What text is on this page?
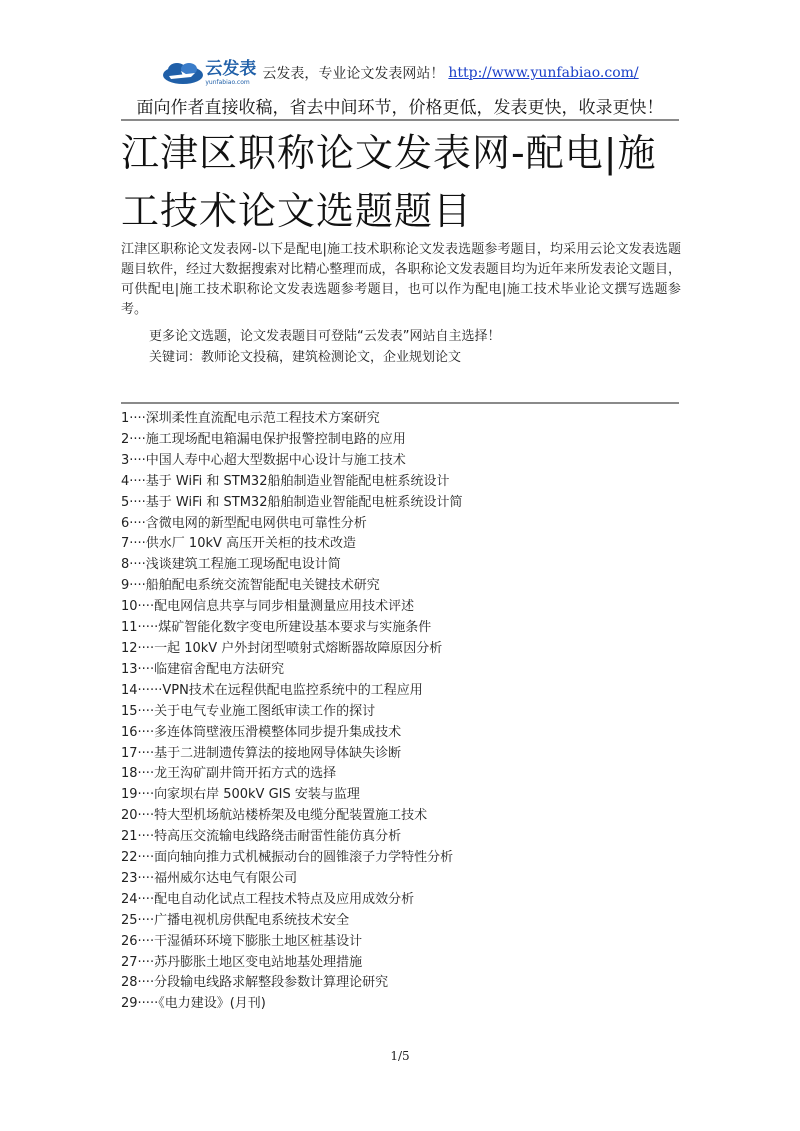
云发表
yunfabiao.com 云发表，专业论文发表网站！ http://www.yunfabiao.com/
面向作者直接收稿，省去中间环节，价格更低，发表更快，收录更快！
江津区职称论文发表网-配电|施工技术论文选题题目

江津区职称论文发表网-以下是配电|施工技术职称论文发表选题参考题目，均采用云论文发表选题题目软件，经过大数据搜索对比精心整理而成，各职称论文发表题目均为近年来所发表论文题目，可供配电|施工技术职称论文发表选题参考题目，也可以作为配电|施工技术毕业论文撰写选题参考。

更多论文选题，论文发表题目可登陆“云发表”网站自主选择！

关键词：教师论文投稿，建筑检测论文，企业规划论文

1····深圳柔性直流配电示范工程技术方案研究
2····施工现场配电箱漏电保护报警控制电路的应用
3····中国人寿中心超大型数据中心设计与施工技术
4····基于 WiFi 和 STM32船舶制造业智能配电桩系统设计
5····基于 WiFi 和 STM32船舶制造业智能配电桩系统设计简
6····含微电网的新型配电网供电可靠性分析
7····供水厂 10kV 高压开关柜的技术改造
8····浅谈建筑工程施工现场配电设计简
9····船舶配电系统交流智能配电关键技术研究
10····配电网信息共享与同步相量测量应用技术评述
11·····煤矿智能化数字变电所建设基本要求与实施条件
12····一起 10kV 户外封闭型喷射式熔断器故障原因分析
13····临建宿舍配电方法研究
14······VPN技术在远程供配电监控系统中的工程应用
15····关于电气专业施工图纸审读工作的探讨
16····多连体筒壁液压滑模整体同步提升集成技术
17····基于二进制遗传算法的接地网导体缺失诊断
18····龙王沟矿副井筒开拓方式的选择
19····向家坝右岸 500kV GIS 安装与监理
20····特大型机场航站楼桥架及电缆分配装置施工技术
21····特高压交流输电线路绕击耐雷性能仿真分析
22····面向轴向推力式机械振动台的圆锥滚子力学特性分析
23····福州威尔达电气有限公司
24····配电自动化试点工程技术特点及应用成效分析
25····广播电视机房供配电系统技术安全
26····干湿循环环境下膨胀土地区桩基设计
27····苏丹膨胀土地区变电站地基处理措施
28····分段输电线路求解整段参数计算理论研究
29·····《电力建设》(月刊)
1/5
